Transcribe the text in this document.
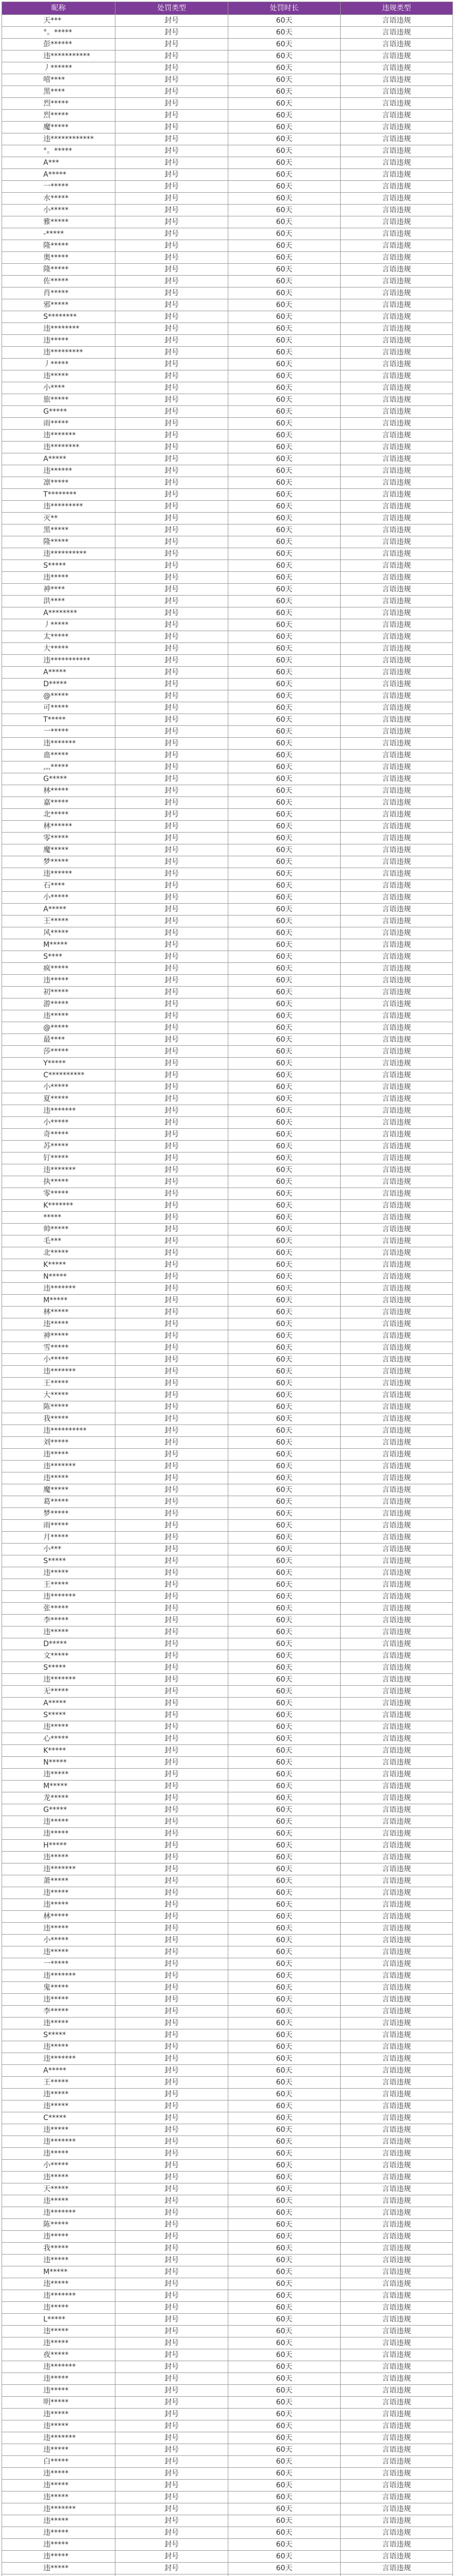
昵称	处罚类型	处罚时长	违规类型
天***	封号	60天	言语违规
°。*****	封号	60天	言语违规
彭******	封号	60天	言语违规
违***********	封号	60天	言语违规
丿******	封号	60天	言语违规
嘻****	封号	60天	言语违规
黑****	封号	60天	言语违规
烈*****	封号	60天	言语违规
烈*****	封号	60天	言语违规
魔*****	封号	60天	言语违规
违************	封号	60天	言语违规
°。*****	封号	60天	言语违规
A***	封号	60天	言语违规
A*****	封号	60天	言语违规
一*****	封号	60天	言语违规
水*****	封号	60天	言语违规
小*****	封号	60天	言语违规
雅*****	封号	60天	言语违规
-*****	封号	60天	言语违规
隆*****	封号	60天	言语违规
奥*****	封号	60天	言语违规
隆*****	封号	60天	言语违规
佐*****	封号	60天	言语违规
肖*****	封号	60天	言语违规
邪*****	封号	60天	言语违规
S********	封号	60天	言语违规
违********	封号	60天	言语违规
违*****	封号	60天	言语违规
违*********	封号	60天	言语违规
丿*****	封号	60天	言语违规
违*****	封号	60天	言语违规
小****	封号	60天	言语违规
旅*****	封号	60天	言语违规
G*****	封号	60天	言语违规
雨*****	封号	60天	言语违规
违*******	封号	60天	言语违规
违********	封号	60天	言语违规
A*****	封号	60天	言语违规
违******	封号	60天	言语违规
凛*****	封号	60天	言语违规
T********	封号	60天	言语违规
违*********	封号	60天	言语违规
灭**	封号	60天	言语违规
黑*****	封号	60天	言语违规
隆*****	封号	60天	言语违规
违**********	封号	60天	言语违规
S*****	封号	60天	言语违规
违*****	封号	60天	言语违规
神****	封号	60天	言语违规
洪****	封号	60天	言语违规
A********	封号	60天	言语违规
丿*****	封号	60天	言语违规
太*****	封号	60天	言语违规
大*****	封号	60天	言语违规
违***********	封号	60天	言语违规
A*****	封号	60天	言语违规
D*****	封号	60天	言语违规
@*****	封号	60天	言语违规
可*****	封号	60天	言语违规
T*****	封号	60天	言语违规
一*****	封号	60天	言语违规
违*******	封号	60天	言语违规
蛊*****	封号	60天	言语违规
灬*****	封号	60天	言语违规
G*****	封号	60天	言语违规
林*****	封号	60天	言语违规
嘉*****	封号	60天	言语违规
北*****	封号	60天	言语违规
林******	封号	60天	言语违规
零*****	封号	60天	言语违规
魔*****	封号	60天	言语违规
梦*****	封号	60天	言语违规
违******	封号	60天	言语违规
石****	封号	60天	言语违规
小*****	封号	60天	言语违规
A*****	封号	60天	言语违规
王*****	封号	60天	言语违规
风*****	封号	60天	言语违规
M*****	封号	60天	言语违规
S****	封号	60天	言语违规
疯*****	封号	60天	言语违规
违*****	封号	60天	言语违规
初*****	封号	60天	言语违规
游*****	封号	60天	言语违规
违*****	封号	60天	言语违规
@*****	封号	60天	言语违规
最****	封号	60天	言语违规
莎*****	封号	60天	言语违规
Y*****	封号	60天	言语违规
C**********	封号	60天	言语违规
小*****	封号	60天	言语违规
夏*****	封号	60天	言语违规
违*******	封号	60天	言语违规
小*****	封号	60天	言语违规
奇*****	封号	60天	言语违规
苏*****	封号	60天	言语违规
钉*****	封号	60天	言语违规
违*******	封号	60天	言语违规
执*****	封号	60天	言语违规
零*****	封号	60天	言语违规
K*******	封号	60天	言语违规
*****	封号	60天	言语违规
帅*****	封号	60天	言语违规
毛***	封号	60天	言语违规
北*****	封号	60天	言语违规
K*****	封号	60天	言语违规
N*****	封号	60天	言语违规
违*******	封号	60天	言语违规
M*****	封号	60天	言语违规
林*****	封号	60天	言语违规
违*****	封号	60天	言语违规
神*****	封号	60天	言语违规
雪*****	封号	60天	言语违规
小*****	封号	60天	言语违规
违*******	封号	60天	言语违规
王*****	封号	60天	言语违规
大*****	封号	60天	言语违规
陈*****	封号	60天	言语违规
我*****	封号	60天	言语违规
违**********	封号	60天	言语违规
刘*****	封号	60天	言语违规
违*****	封号	60天	言语违规
违*******	封号	60天	言语违规
违*****	封号	60天	言语违规
魔*****	封号	60天	言语违规
葛*****	封号	60天	言语违规
梦*****	封号	60天	言语违规
雨*****	封号	60天	言语违规
月*****	封号	60天	言语违规
小***	封号	60天	言语违规
S*****	封号	60天	言语违规
违*****	封号	60天	言语违规
王*****	封号	60天	言语违规
违*******	封号	60天	言语违规
张*****	封号	60天	言语违规
李*****	封号	60天	言语违规
违*****	封号	60天	言语违规
D*****	封号	60天	言语违规
文*****	封号	60天	言语违规
S*****	封号	60天	言语违规
违*******	封号	60天	言语违规
无*****	封号	60天	言语违规
A*****	封号	60天	言语违规
S*****	封号	60天	言语违规
违*****	封号	60天	言语违规
心*****	封号	60天	言语违规
K*****	封号	60天	言语违规
N*****	封号	60天	言语违规
违*****	封号	60天	言语违规
M*****	封号	60天	言语违规
龙*****	封号	60天	言语违规
G*****	封号	60天	言语违规
违*****	封号	60天	言语违规
违*****	封号	60天	言语违规
H*****	封号	60天	言语违规
违*****	封号	60天	言语违规
违*******	封号	60天	言语违规
萧*****	封号	60天	言语违规
违*****	封号	60天	言语违规
违*****	封号	60天	言语违规
林*****	封号	60天	言语违规
违*****	封号	60天	言语违规
小*****	封号	60天	言语违规
违*****	封号	60天	言语违规
一*****	封号	60天	言语违规
违*******	封号	60天	言语违规
鬼*****	封号	60天	言语违规
违*****	封号	60天	言语违规
李*****	封号	60天	言语违规
违*****	封号	60天	言语违规
S*****	封号	60天	言语违规
违*****	封号	60天	言语违规
违*******	封号	60天	言语违规
A*****	封号	60天	言语违规
王*****	封号	60天	言语违规
违*****	封号	60天	言语违规
违*****	封号	60天	言语违规
C*****	封号	60天	言语违规
违*****	封号	60天	言语违规
违*******	封号	60天	言语违规
违*****	封号	60天	言语违规
小*****	封号	60天	言语违规
违*****	封号	60天	言语违规
天*****	封号	60天	言语违规
违*****	封号	60天	言语违规
违*******	封号	60天	言语违规
陈*****	封号	60天	言语违规
违*****	封号	60天	言语违规
我*****	封号	60天	言语违规
违*****	封号	60天	言语违规
M*****	封号	60天	言语违规
违*****	封号	60天	言语违规
违*******	封号	60天	言语违规
违*****	封号	60天	言语违规
L*****	封号	60天	言语违规
违*****	封号	60天	言语违规
违*****	封号	60天	言语违规
夜*****	封号	60天	言语违规
违*******	封号	60天	言语违规
违*****	封号	60天	言语违规
违*****	封号	60天	言语违规
明*****	封号	60天	言语违规
违*****	封号	60天	言语违规
违*****	封号	60天	言语违规
违*******	封号	60天	言语违规
违*****	封号	60天	言语违规
白*****	封号	60天	言语违规
违*****	封号	60天	言语违规
违*****	封号	60天	言语违规
违*****	封号	60天	言语违规
违*******	封号	60天	言语违规
违*****	封号	60天	言语违规
违*****	封号	60天	言语违规
违*****	封号	60天	言语违规
违*****	封号	60天	言语违规
违*****	封号	60天	言语违规
